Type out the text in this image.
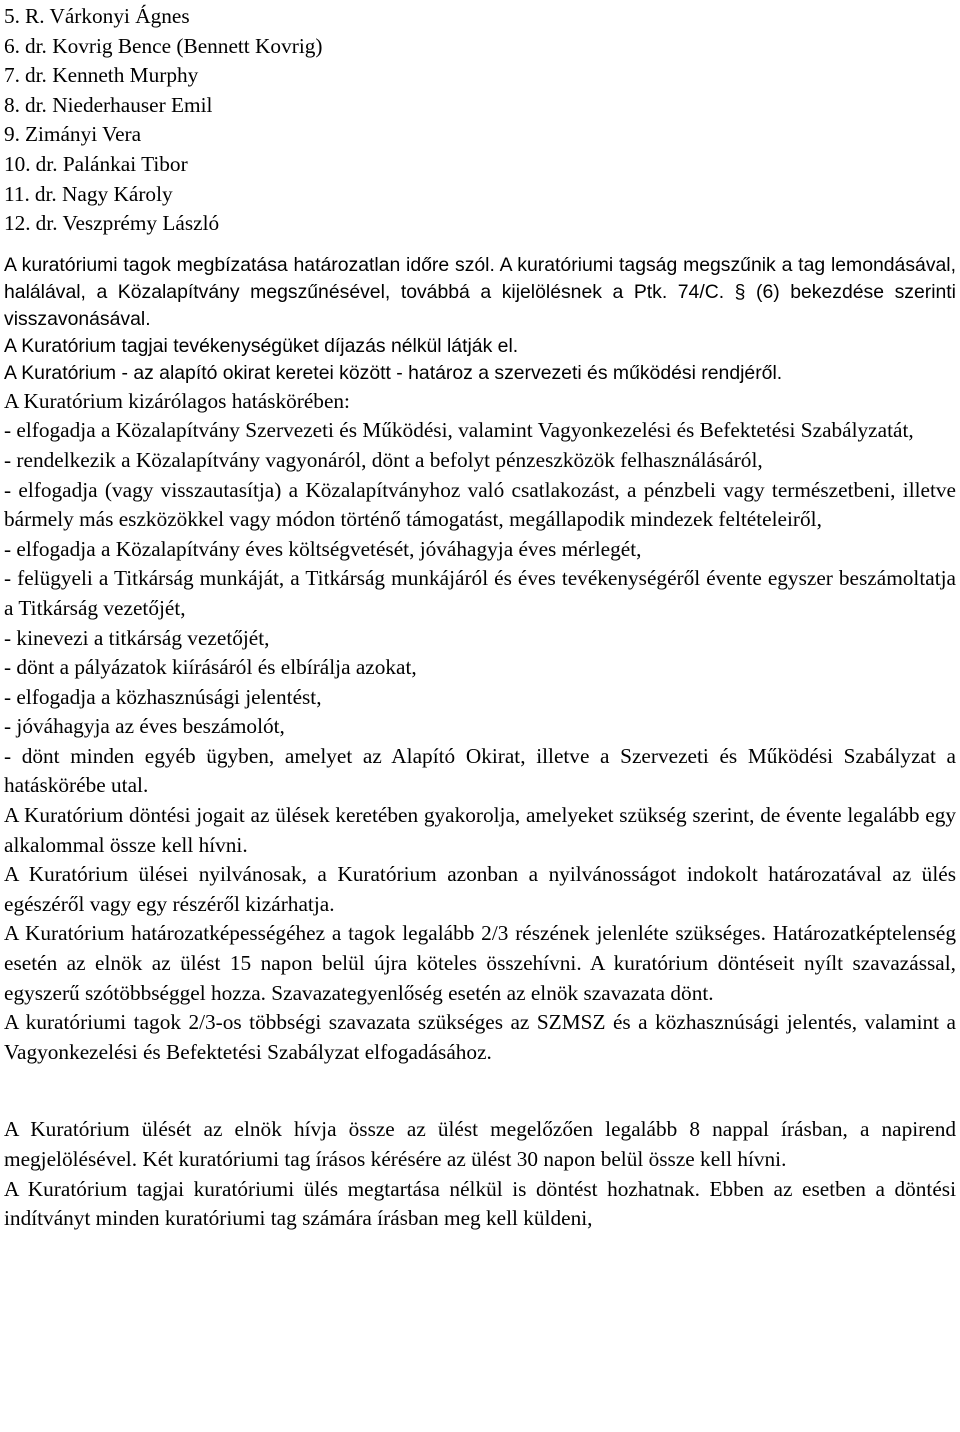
5. R. Várkonyi Ágnes
6. dr. Kovrig Bence (Bennett Kovrig)
7. dr. Kenneth Murphy
8. dr. Niederhauser Emil
9. Zimányi Vera
10. dr. Palánkai Tibor
11. dr. Nagy Károly
12. dr. Veszprémy László

A kuratóriumi tagok megbízatása határozatlan időre szól. A kuratóriumi tagság megszűnik a tag lemondásával, halálával, a Közalapítvány megszűnésével, továbbá a kijelölésnek a Ptk. 74/C. § (6) bekezdése szerinti visszavonásával.

A Kuratórium tagjai tevékenységüket díjazás nélkül látják el.

A Kuratórium - az alapító okirat keretei között - határoz a szervezeti és működési rendjéről.

A Kuratórium kizárólagos hatáskörében:

- elfogadja a Közalapítvány Szervezeti és Működési, valamint Vagyonkezelési és Befektetési Szabályzatát,

- rendelkezik a Közalapítvány vagyonáról, dönt a befolyt pénzeszközök felhasználásáról,

- elfogadja (vagy visszautasítja) a Közalapítványhoz való csatlakozást, a pénzbeli vagy természetbeni, illetve bármely más eszközökkel vagy módon történő támogatást, megállapodik mindezek feltételeiről,

- elfogadja a Közalapítvány éves költségvetését, jóváhagyja éves mérlegét,

- felügyeli a Titkárság munkáját, a Titkárság munkájáról és éves tevékenységéről évente egyszer beszámoltatja a Titkárság vezetőjét,

- kinevezi a titkárság vezetőjét,

- dönt a pályázatok kiírásáról és elbírálja azokat,

- elfogadja a közhasznúsági jelentést,

- jóváhagyja az éves beszámolót,

- dönt minden egyéb ügyben, amelyet az Alapító Okirat, illetve a Szervezeti és Működési Szabályzat a hatáskörébe utal.

A Kuratórium döntési jogait az ülések keretében gyakorolja, amelyeket szükség szerint, de évente legalább egy alkalommal össze kell hívni.

A Kuratórium ülései nyilvánosak, a Kuratórium azonban a nyilvánosságot indokolt határozatával az ülés egészéről vagy egy részéről kizárhatja.

A Kuratórium határozatképességéhez a tagok legalább 2/3 részének jelenléte szükséges. Határozatképtelenség esetén az elnök az ülést 15 napon belül újra köteles összehívni. A kuratórium döntéseit nyílt szavazással, egyszerű szótöbbséggel hozza. Szavazategyenlőség esetén az elnök szavazata dönt.

A kuratóriumi tagok 2/3-os többségi szavazata szükséges az SZMSZ és a közhasznúsági jelentés, valamint a Vagyonkezelési és Befektetési Szabályzat elfogadásához.

A Kuratórium ülését az elnök hívja össze az ülést megelőzően legalább 8 nappal írásban, a napirend megjelölésével. Két kuratóriumi tag írásos kérésére az ülést 30 napon belül össze kell hívni.

A Kuratórium tagjai kuratóriumi ülés megtartása nélkül is döntést hozhatnak. Ebben az esetben a döntési indítványt minden kuratóriumi tag számára írásban meg kell küldeni,
